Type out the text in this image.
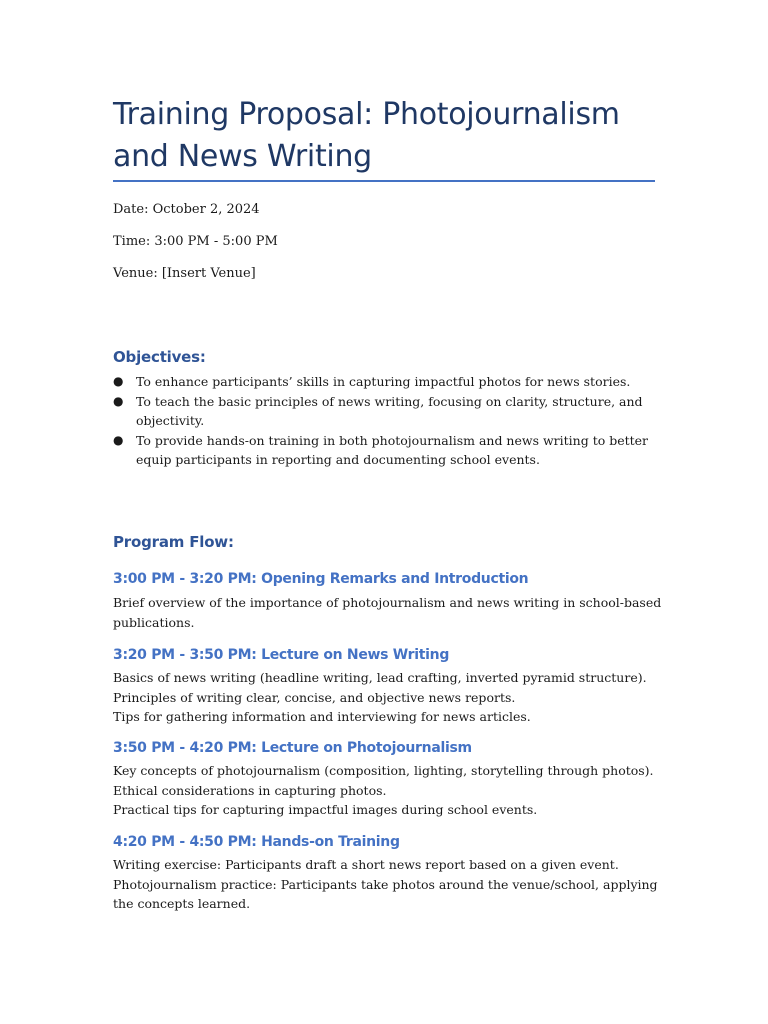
Training Proposal: Photojournalism and News Writing

Date: October 2, 2024

Time: 3:00 PM - 5:00 PM

Venue: [Insert Venue]

Objectives:
● To enhance participants’ skills in capturing impactful photos for news stories.
● To teach the basic principles of news writing, focusing on clarity, structure, and objectivity.
● To provide hands-on training in both photojournalism and news writing to better equip participants in reporting and documenting school events.
Program Flow:
3:00 PM - 3:20 PM: Opening Remarks and Introduction
Brief overview of the importance of photojournalism and news writing in school-based publications.
3:20 PM - 3:50 PM: Lecture on News Writing
Basics of news writing (headline writing, lead crafting, inverted pyramid structure).
Principles of writing clear, concise, and objective news reports.
Tips for gathering information and interviewing for news articles.
3:50 PM - 4:20 PM: Lecture on Photojournalism
Key concepts of photojournalism (composition, lighting, storytelling through photos).
Ethical considerations in capturing photos.
Practical tips for capturing impactful images during school events.
4:20 PM - 4:50 PM: Hands-on Training
Writing exercise: Participants draft a short news report based on a given event.
Photojournalism practice: Participants take photos around the venue/school, applying the concepts learned.
